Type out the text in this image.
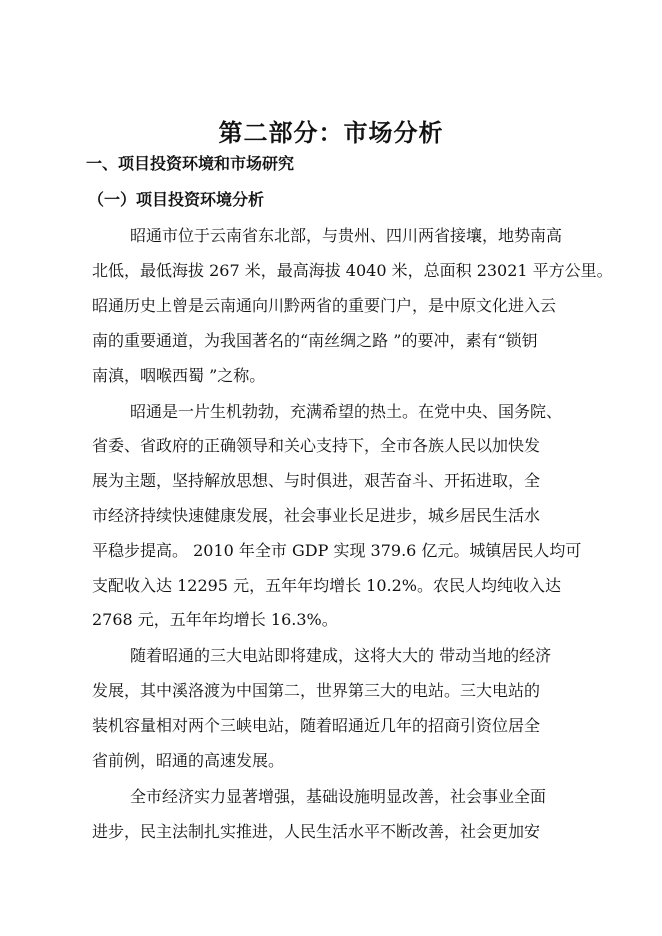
第二部分：市场分析
一、项目投资环境和市场研究
（一）项目投资环境分析
昭通市位于云南省东北部，与贵州、四川两省接壤，地势南高
北低，最低海拔 267 米，最高海拔 4040 米，总面积 23021 平方公里。
昭通历史上曾是云南通向川黔两省的重要门户，是中原文化进入云
南的重要通道，为我国著名的“南丝绸之路 ”的要冲，素有“锁钥
南滇，咽喉西蜀 ”之称。
昭通是一片生机勃勃，充满希望的热土。在党中央、国务院、
省委、省政府的正确领导和关心支持下，全市各族人民以加快发
展为主题，坚持解放思想、与时俱进，艰苦奋斗、开拓进取，全
市经济持续快速健康发展，社会事业长足进步，城乡居民生活水
平稳步提高。 2010 年全市 GDP 实现 379.6 亿元。城镇居民人均可
支配收入达 12295 元，五年年均增长 10.2%。农民人均纯收入达
2768 元，五年年均增长 16.3%。
随着昭通的三大电站即将建成，这将大大的 带动当地的经济
发展，其中溪洛渡为中国第二，世界第三大的电站。三大电站的
装机容量相对两个三峡电站，随着昭通近几年的招商引资位居全
省前例，昭通的高速发展。
全市经济实力显著增强，基础设施明显改善，社会事业全面
进步，民主法制扎实推进，人民生活水平不断改善，社会更加安
